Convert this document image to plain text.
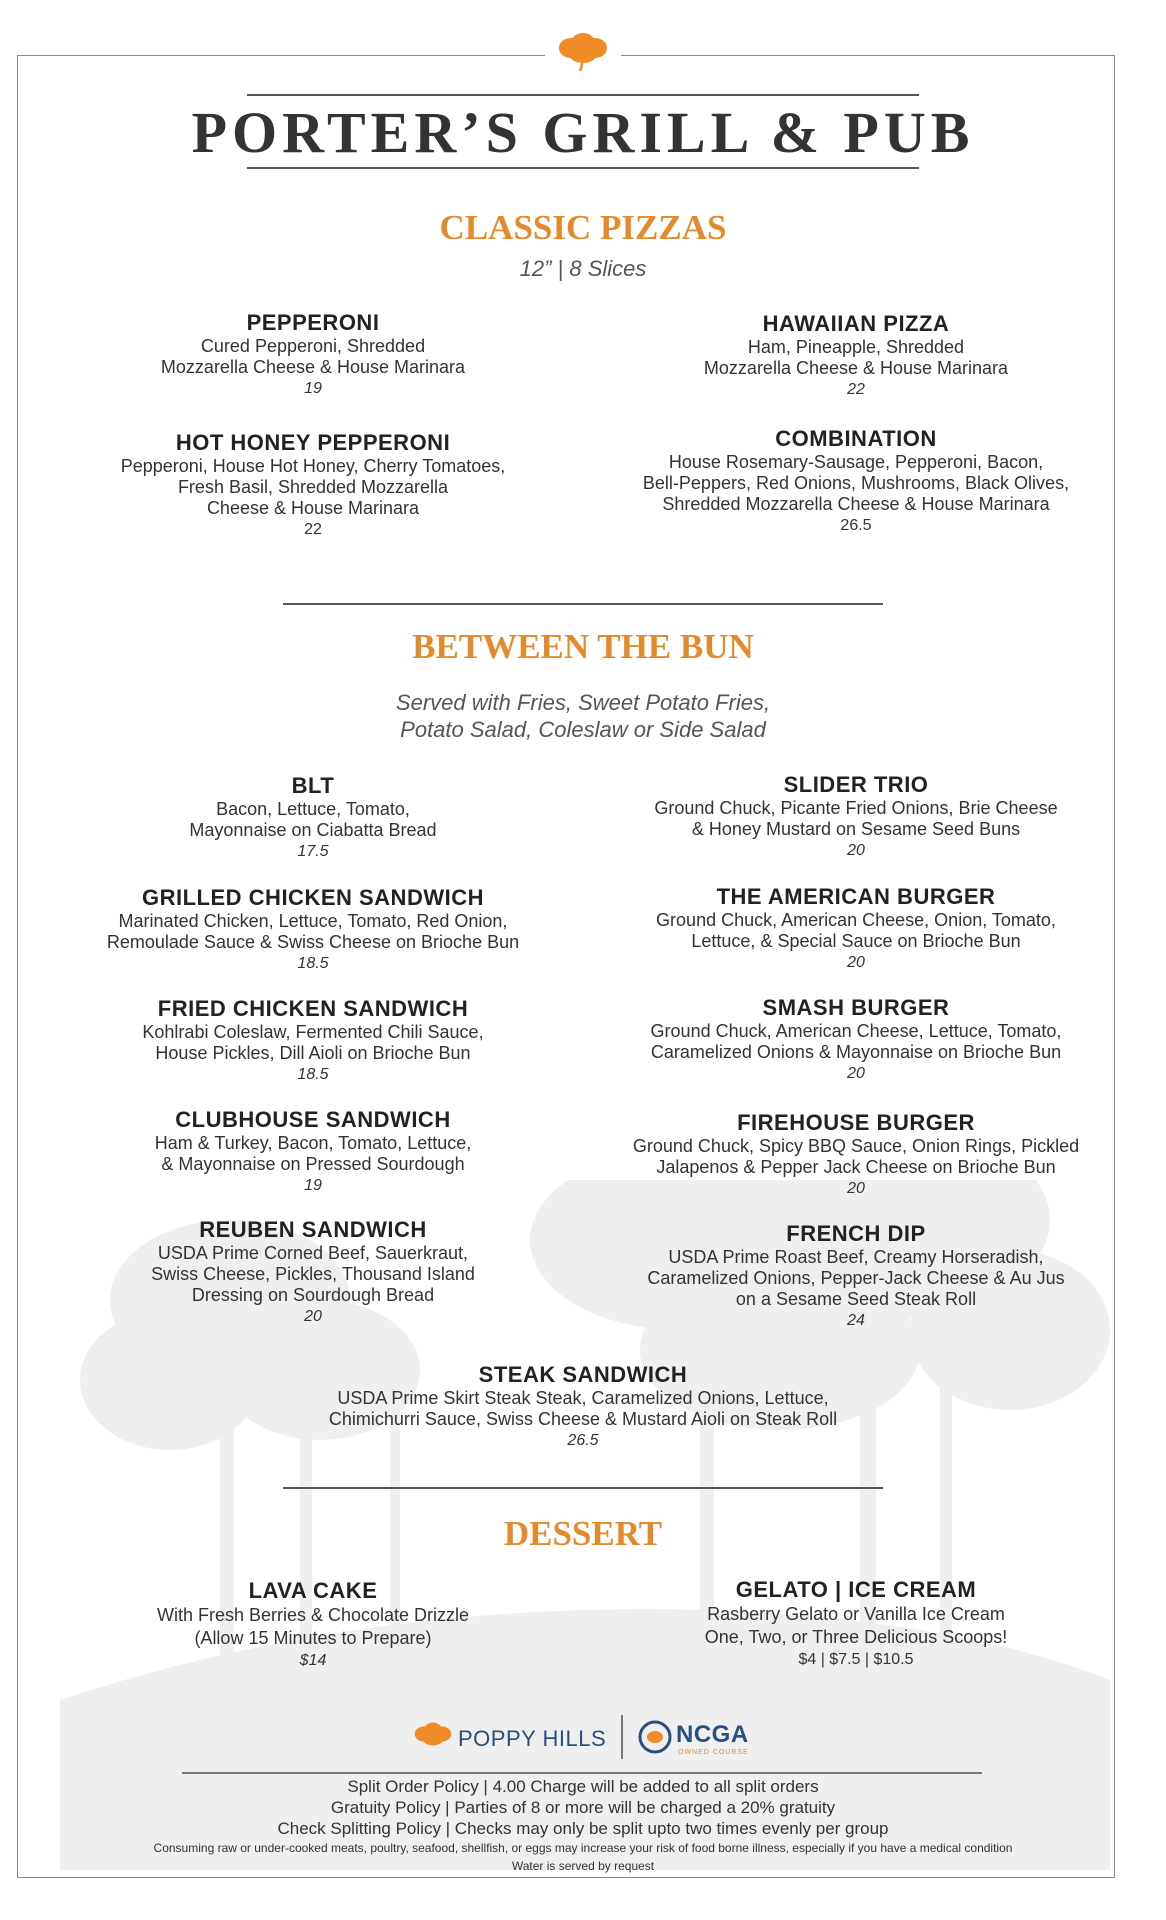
PORTER’S GRILL & PUB
CLASSIC PIZZAS
12” | 8 Slices
PEPPERONI
Cured Pepperoni, Shredded
Mozzarella Cheese & House Marinara
19
HAWAIIAN PIZZA
Ham, Pineapple, Shredded
Mozzarella Cheese & House Marinara
22
HOT HONEY PEPPERONI
Pepperoni, House Hot Honey, Cherry Tomatoes,
Fresh Basil, Shredded Mozzarella
Cheese & House Marinara
22
COMBINATION
House Rosemary-Sausage, Pepperoni, Bacon,
Bell-Peppers, Red Onions, Mushrooms, Black Olives,
Shredded Mozzarella Cheese & House Marinara
26.5
BETWEEN THE BUN
Served with Fries, Sweet Potato Fries,
Potato Salad, Coleslaw or Side Salad
BLT
Bacon, Lettuce, Tomato,
Mayonnaise on Ciabatta Bread
17.5
SLIDER TRIO
Ground Chuck, Picante Fried Onions, Brie Cheese
& Honey Mustard on Sesame Seed Buns
20
GRILLED CHICKEN SANDWICH
Marinated Chicken, Lettuce, Tomato, Red Onion,
Remoulade Sauce & Swiss Cheese on Brioche Bun
18.5
THE AMERICAN BURGER
Ground Chuck, American Cheese, Onion, Tomato,
Lettuce, & Special Sauce on Brioche Bun
20
FRIED CHICKEN SANDWICH
Kohlrabi Coleslaw, Fermented Chili Sauce,
House Pickles, Dill Aioli on Brioche Bun
18.5
SMASH BURGER
Ground Chuck, American Cheese, Lettuce, Tomato,
Caramelized Onions & Mayonnaise on Brioche Bun
20
CLUBHOUSE SANDWICH
Ham & Turkey, Bacon, Tomato, Lettuce,
& Mayonnaise on Pressed Sourdough
19
FIREHOUSE BURGER
Ground Chuck, Spicy BBQ Sauce, Onion Rings, Pickled
Jalapenos & Pepper Jack Cheese on Brioche Bun
20
REUBEN SANDWICH
USDA Prime Corned Beef, Sauerkraut,
Swiss Cheese, Pickles, Thousand Island
Dressing on Sourdough Bread
20
FRENCH DIP
USDA Prime Roast Beef, Creamy Horseradish,
Caramelized Onions, Pepper-Jack Cheese & Au Jus
on a Sesame Seed Steak Roll
24
STEAK SANDWICH
USDA Prime Skirt Steak Steak, Caramelized Onions, Lettuce,
Chimichurri Sauce, Swiss Cheese & Mustard Aioli on Steak Roll
26.5
DESSERT
LAVA CAKE
With Fresh Berries & Chocolate Drizzle
(Allow 15 Minutes to Prepare)
$14
GELATO | ICE CREAM
Rasberry Gelato or Vanilla Ice Cream
One, Two, or Three Delicious Scoops!
$4 | $7.5 | $10.5
POPPY HILLS	NCGA
OWNED COURSE
Split Order Policy | 4.00 Charge will be added to all split orders
Gratuity Policy | Parties of 8 or more will be charged a 20% gratuity
Check Splitting Policy | Checks may only be split upto two times evenly per group
Consuming raw or under-cooked meats, poultry, seafood, shellfish, or eggs may increase your risk of food borne illness, especially if you have a medical condition
Water is served by request
